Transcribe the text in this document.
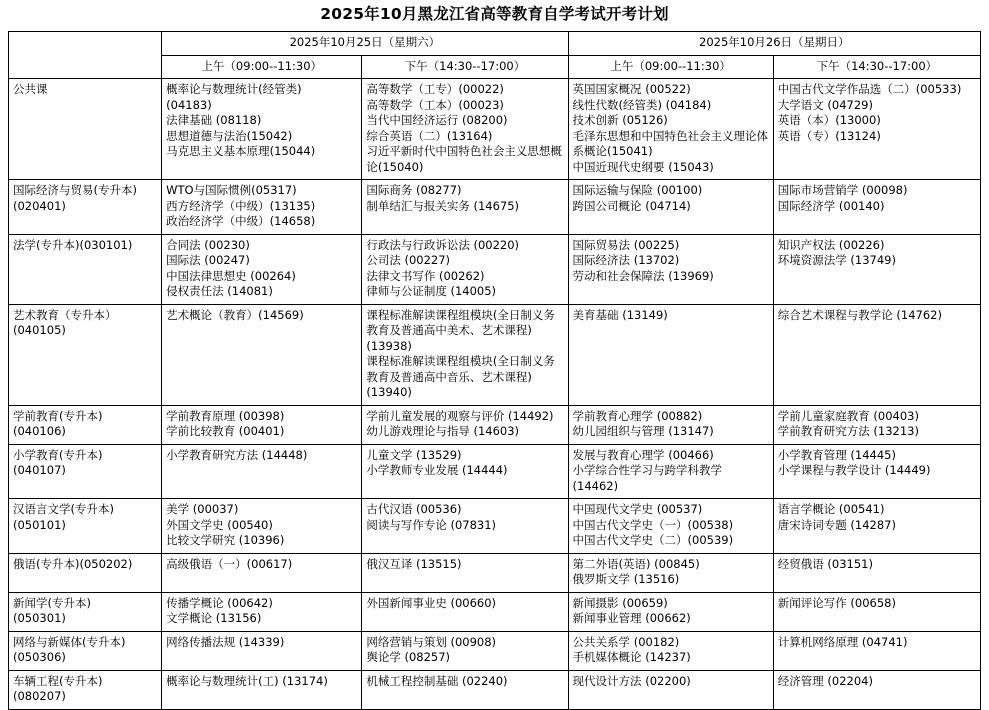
2025年10月黑龙江省高等教育自学考试开考计划
	2025年10月25日（星期六）		2025年10月26日（星期日）	
	上午（09:00--11:30）	下午（14:30--17:00）	上午（09:00--11:30）	下午（14:30--17:00）

公共课	概率论与数理统计(经管类)
(04183)
法律基础 (08118)
思想道德与法治(15042)
马克思主义基本原理(15044)	高等数学（工专）(00022)
高等数学（工本）(00023)
当代中国经济运行 (08200)
综合英语（二）(13164)
习近平新时代中国特色社会主义思想概论(15040)	英国国家概况 (00522)
线性代数(经管类) (04184)
技术创新 (05126)
毛泽东思想和中国特色社会主义理论体系概论(15041)
中国近现代史纲要 (15043)	中国古代文学作品选（二）(00533)
大学语文 (04729)
英语（本）(13000)
英语（专）(13124)

国际经济与贸易(专升本)
(020401)	WTO与国际惯例(05317)
西方经济学（中级）(13135)
政治经济学（中级）(14658)	国际商务 (08277)
制单结汇与报关实务 (14675)	国际运输与保险 (00100)
跨国公司概论 (04714)	国际市场营销学 (00098)
国际经济学 (00140)

法学(专升本)(030101)	合同法 (00230)
国际法 (00247)
中国法律思想史 (00264)
侵权责任法 (14081)	行政法与行政诉讼法 (00220)
公司法 (00227)
法律文书写作 (00262)
律师与公证制度 (14005)	国际贸易法 (00225)
国际经济法 (13702)
劳动和社会保障法 (13969)	知识产权法 (00226)
环境资源法学 (13749)

艺术教育（专升本）
(040105)	艺术概论（教育）(14569)	课程标准解读课程组模块(全日制义务教育及普通高中美术、艺术课程)(13938)
课程标准解读课程组模块(全日制义务教育及普通高中音乐、艺术课程)(13940)	美育基础 (13149)	综合艺术课程与教学论 (14762)

学前教育(专升本)
(040106)	学前教育原理 (00398)
学前比较教育 (00401)	学前儿童发展的观察与评价 (14492)
幼儿游戏理论与指导 (14603)	学前教育心理学 (00882)
幼儿园组织与管理 (13147)	学前儿童家庭教育 (00403)
学前教育研究方法 (13213)

小学教育(专升本)
(040107)	小学教育研究方法 (14448)	儿童文学 (13529)
小学教师专业发展 (14444)	发展与教育心理学 (00466)
小学综合性学习与跨学科教学 (14462)	小学教育管理 (14445)
小学课程与教学设计 (14449)

汉语言文学(专升本)
(050101)	美学 (00037)
外国文学史 (00540)
比较文学研究 (10396)	古代汉语 (00536)
阅读与写作专论 (07831)	中国现代文学史 (00537)
中国古代文学史（一）(00538)
中国古代文学史（二）(00539)	语言学概论 (00541)
唐宋诗词专题 (14287)

俄语(专升本)(050202)	高级俄语（一）(00617)	俄汉互译 (13515)	第二外语(英语) (00845)
俄罗斯文学 (13516)	经贸俄语 (03151)

新闻学(专升本)
(050301)	传播学概论 (00642)
文学概论 (13156)	外国新闻事业史 (00660)	新闻摄影 (00659)
新闻事业管理 (00662)	新闻评论写作 (00658)

网络与新媒体(专升本)
(050306)	网络传播法规 (14339)	网络营销与策划 (00908)
舆论学 (08257)	公共关系学 (00182)
手机媒体概论 (14237)	计算机网络原理 (04741)

车辆工程(专升本)
(080207)	概率论与数理统计(工) (13174)	机械工程控制基础 (02240)	现代设计方法 (02200)	经济管理 (02204)
